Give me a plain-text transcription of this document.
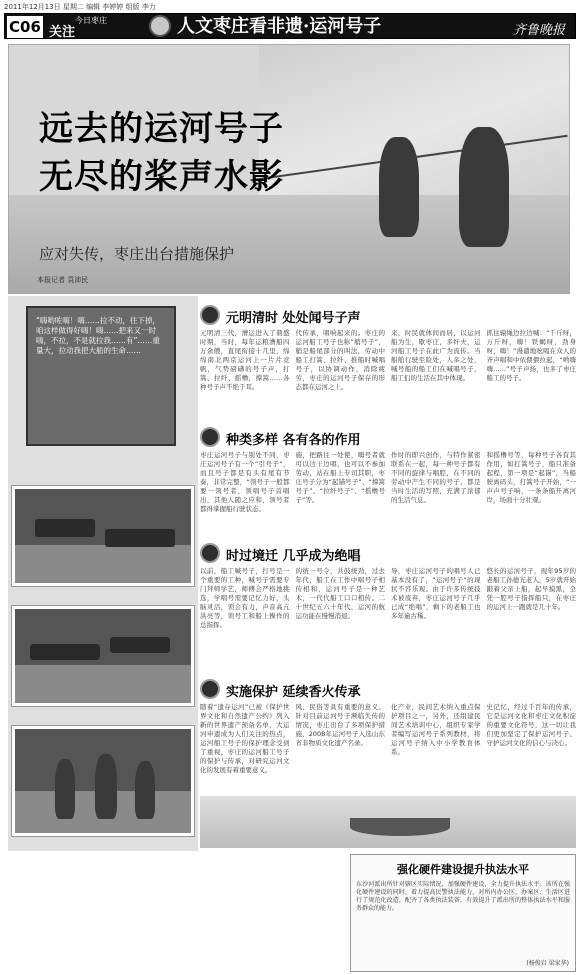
2011年12月13日 星期二 编辑 李婷婷 组版 李力
C06	今日枣庄
关注	人文枣庄看非遗·运河号子	齐鲁晚报
远去的运河号子
无尽的桨声水影
应对失传，枣庄出台措施保护
本报记者 袁沛民

“嗨哟咗嗨！嗨……拉不动，往下掉，咱这样做得好嗨！嗨……把来又一时嗨，不拉，不是就拉我……有”……重量大，拉动我把大船的生命……

元明清时 处处闻号子声

元明清三代，漕运进入了鼎盛时期，当时，每年运粮漕船四万余艘，直尾衔接十几里，绵绵南北两京运河上一片片竞帆，气势磅礴的号子声，打篙、拉纤、摇橹，撑篙……各种号子声不绝于耳。

代传承，唱响起来的。枣庄的运河船工号子也称“艄号子”，艄是船尾部分的叫法，劳动中船工打篙、拉纤、推船时喊唱号子，以协调动作，消除疲劳，枣庄的运河号子保存的形态都在运河之上。

来，时民就体间而居，以运河船为生，歇枣庄，多纤夫，运河船工号子在此广为流传。当船舶行驶至险处，人多之处，喊号船的船工们在喊唱号子，船工们的生活在其中体现。

抓住辕绳边拉边喊：“千斤呀，万斤呀，嗨！铁蝎呀，劲身呀，嗨！”漫谴地吆喝在众人的齐声唱和中依偎偎拉起，“哟嗨嗨……”号子声扬，也多了枣庄船工的号子。

种类多样 各有各的作用

枣庄运河号子与别处不同，枣庄运河号子有一个“引号子”，而且号子都是有头有尾有节奏，非常完整，“领号子一般都要一领号者，领唱号子首唱出，其他人随之应和，领号者都得掌握船行驶状态。

施，把路往一处使，嗨号者就可以边干边唱，也可以不参加劳动，站在船上专司其职，枣庄号子分为“起锚号子”、“撑篙号子”、“拉纤号子”、“摇橹号子”等。

作时的即兴创作，与特作紧密联系在一起，每一种号子都有不同的旋律与唱腔，在不同的劳动中产生不同的号子，都是当时生活的写照，充满了浓郁的生活气息。

和摇橹号等，每种号子各有其作用，如打篙号子，船只准备起程，第一项是“起锚”，当船驶离码头，打篙号子开始，“一声声号子响，一条条船开离河岸，场面十分壮观。

时过境迁 几乎成为绝唱

以前，船工喊号子，打号是一个重要的工种，喊号子需要专门拜师学艺，师傅会严格地挑选，学唱号需要记忆力好，头脑灵活，领会有力，声音高亢洪亮等，领号工和船上操作的总指挥。

的统一号令，共鼓统劲，过去年代，船工在工作中唱号子相传相和，运河号子是一种艺术，一代代船工口口相传。二十世纪五六十年代，运河的航运功能在慢慢消退。

导，枣庄运河号子的唱号人已基本没有了，“运河号子”的现状不容乐观。由于许多传统技术被废弃，枣庄运河号子几乎已成“绝唱”，剩下的老船工也多年逾古稀。

悠长的运河号子，现年95岁的老船工孙德光老人，5岁就开始跟着父亲上船，起早摸黑，全凭一腔号子指挥船只，在枣庄的运河上一跑就是几十年。

实施保护 延续香火传承

随着“遗存运河”已被《保护世界文化和自然遗产公约》列入新的世界遗产预备名单，大运河申遗成为人们关注的热点，运河船工号子的保护理念受到了重视，枣庄的运河船工号子的保护与传承，对研究运河文化的发展有着重要意义。

风、民俗等具有重要的意义。针对目前运河号子濒临失传的情况，枣庄出台了多项保护措施，2008年运河号子入选山东省非物质文化遗产名录。

化产业，民间艺术纳入重点保护项目之一，另外，还组建民间艺术培训中心，组织专家学者编写运河号子系列教材，将运河号子纳入中小学教育体系。

史记忆，经过千百年的传承，它是运河文化和枣庄文化积淀的重要文化符号，这一切让我们更加坚定了保护运河号子、守护运河文化的信心与决心。

强化硬件建设提升执法水平

东沙河派出所针对辖区实际情况，加强硬件建设，全力提升执法水平。该所在强化硬件建设的同时，着力提高民警执法能力，对所内办公区、办案区、生活区进行了规范化改造，配齐了各类执法装备，有效提升了派出所的整体执法水平和服务群众的能力。

(杨俊岩 梁家华)
